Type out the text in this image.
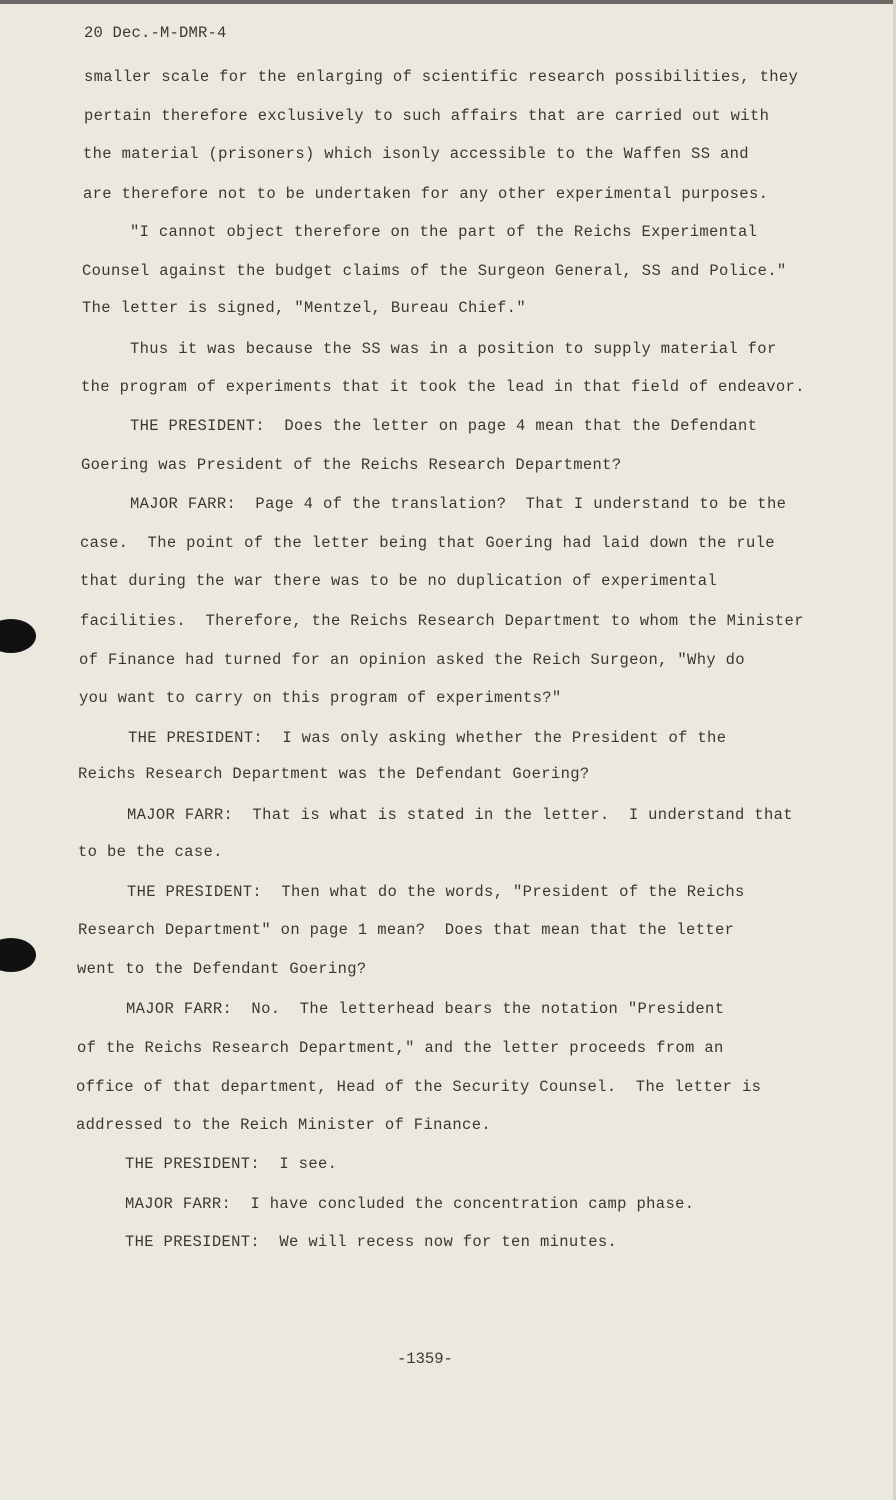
20 Dec.-M-DMR-4
smaller scale for the enlarging of scientific research possibilities, they
pertain therefore exclusively to such affairs that are carried out with
the material (prisoners) which isonly accessible to the Waffen SS and
are therefore not to be undertaken for any other experimental purposes.
"I cannot object therefore on the part of the Reichs Experimental
Counsel against the budget claims of the Surgeon General, SS and Police."
The letter is signed, "Mentzel, Bureau Chief."
Thus it was because the SS was in a position to supply material for
the program of experiments that it took the lead in that field of endeavor.
THE PRESIDENT:  Does the letter on page 4 mean that the Defendant
Goering was President of the Reichs Research Department?
MAJOR FARR:  Page 4 of the translation?  That I understand to be the
case.  The point of the letter being that Goering had laid down the rule
that during the war there was to be no duplication of experimental
facilities.  Therefore, the Reichs Research Department to whom the Minister
of Finance had turned for an opinion asked the Reich Surgeon, "Why do
you want to carry on this program of experiments?"
THE PRESIDENT:  I was only asking whether the President of the
Reichs Research Department was the Defendant Goering?
MAJOR FARR:  That is what is stated in the letter.  I understand that
to be the case.
THE PRESIDENT:  Then what do the words, "President of the Reichs
Research Department" on page 1 mean?  Does that mean that the letter
went to the Defendant Goering?
MAJOR FARR:  No.  The letterhead bears the notation "President
of the Reichs Research Department," and the letter proceeds from an
office of that department, Head of the Security Counsel.  The letter is
addressed to the Reich Minister of Finance.
THE PRESIDENT:  I see.
MAJOR FARR:  I have concluded the concentration camp phase.
THE PRESIDENT:  We will recess now for ten minutes.
-1359-
